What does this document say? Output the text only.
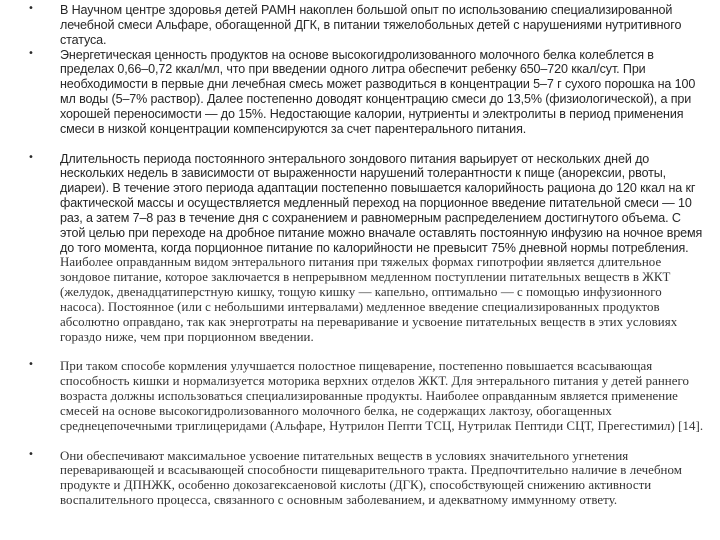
• В Научном центре здоровья детей РАМН накоплен большой опыт по использованию специализированной лечебной смеси Альфаре, обогащенной ДГК, в питании тяжелобольных детей с нарушениями нутритивного статуса.
• Энергетическая ценность продуктов на основе высокогидролизованного молочного белка колеблется в пределах 0,66–0,72 ккал/мл, что при введении одного литра обеспечит ребенку 650–720 ккал/сут. При необходимости в первые дни лечебная смесь может разводиться в концентрации 5–7 г сухого порошка на 100 мл воды (5–7% раствор). Далее постепенно доводят концентрацию смеси до 13,5% (физиологической), а при хорошей переносимости — до 15%. Недостающие калории, нутриенты и электролиты в период применения смеси в низкой концентрации компенсируются за счет парентерального питания.
• Длительность периода постоянного энтерального зондового питания варьирует от нескольких дней до нескольких недель в зависимости от выраженности нарушений толерантности к пище (анорексии, рвоты, диареи). В течение этого периода адаптации постепенно повышается калорийность рациона до 120 ккал на кг фактической массы и осуществляется медленный переход на порционное введение питательной смеси — 10 раз, а затем 7–8 раз в течение дня с сохранением и равномерным распределением достигнутого объема. С этой целью при переходе на дробное питание можно вначале оставлять постоянную инфузию на ночное время до того момента, когда порционное питание по калорийности не превысит 75% дневной нормы потребления. Наиболее оправданным видом энтерального питания при тяжелых формах гипотрофии является длительное зондовое питание, которое заключается в непрерывном медленном поступлении питательных веществ в ЖКТ (желудок, двенадцатиперстную кишку, тощую кишку — капельно, оптимально — с помощью инфузионного насоса). Постоянное (или с небольшими интервалами) медленное введение специализированных продуктов абсолютно оправдано, так как энерготраты на переваривание и усвоение питательных веществ в этих условиях гораздо ниже, чем при порционном введении.
• При таком способе кормления улучшается полостное пищеварение, постепенно повышается всасывающая способность кишки и нормализуется моторика верхних отделов ЖКТ. Для энтерального питания у детей раннего возраста должны использоваться специализированные продукты. Наиболее оправданным является применение смесей на основе высокогидролизованного молочного белка, не содержащих лактозу, обогащенных среднецепочечными триглицеридами (Альфаре, Нутрилон Пепти ТСЦ, Нутрилак Пептиди СЦТ, Прегестимил) [14].
• Они обеспечивают максимальное усвоение питательных веществ в условиях значительного угнетения переваривающей и всасывающей способности пищеварительного тракта. Предпочтительно наличие в лечебном продукте и ДПНЖК, особенно докозагексаеновой кислоты (ДГК), способствующей снижению активности воспалительного процесса, связанного с основным заболеванием, и адекватному иммунному ответу.
